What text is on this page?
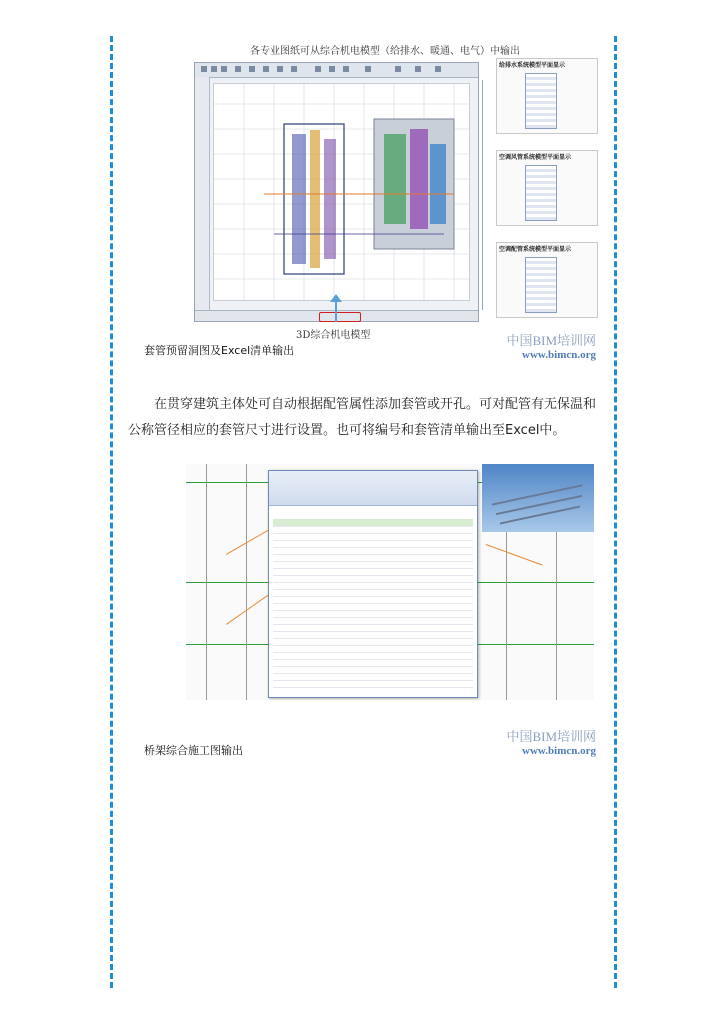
各专业图纸可从综合机电模型（给排水、暖通、电气）中输出
3D综合机电模型
给排水系统模型平面显示
空调风管系统模型平面显示
空调配管系统模型平面显示
套管预留洞图及Excel清单输出
中国BIM培训网
www.bimcn.org
在贯穿建筑主体处可自动根据配管属性添加套管或开孔。可对配管有无保温和公称管径相应的套管尺寸进行设置。也可将编号和套管清单输出至Excel中。
桥架综合施工图输出
中国BIM培训网
www.bimcn.org
